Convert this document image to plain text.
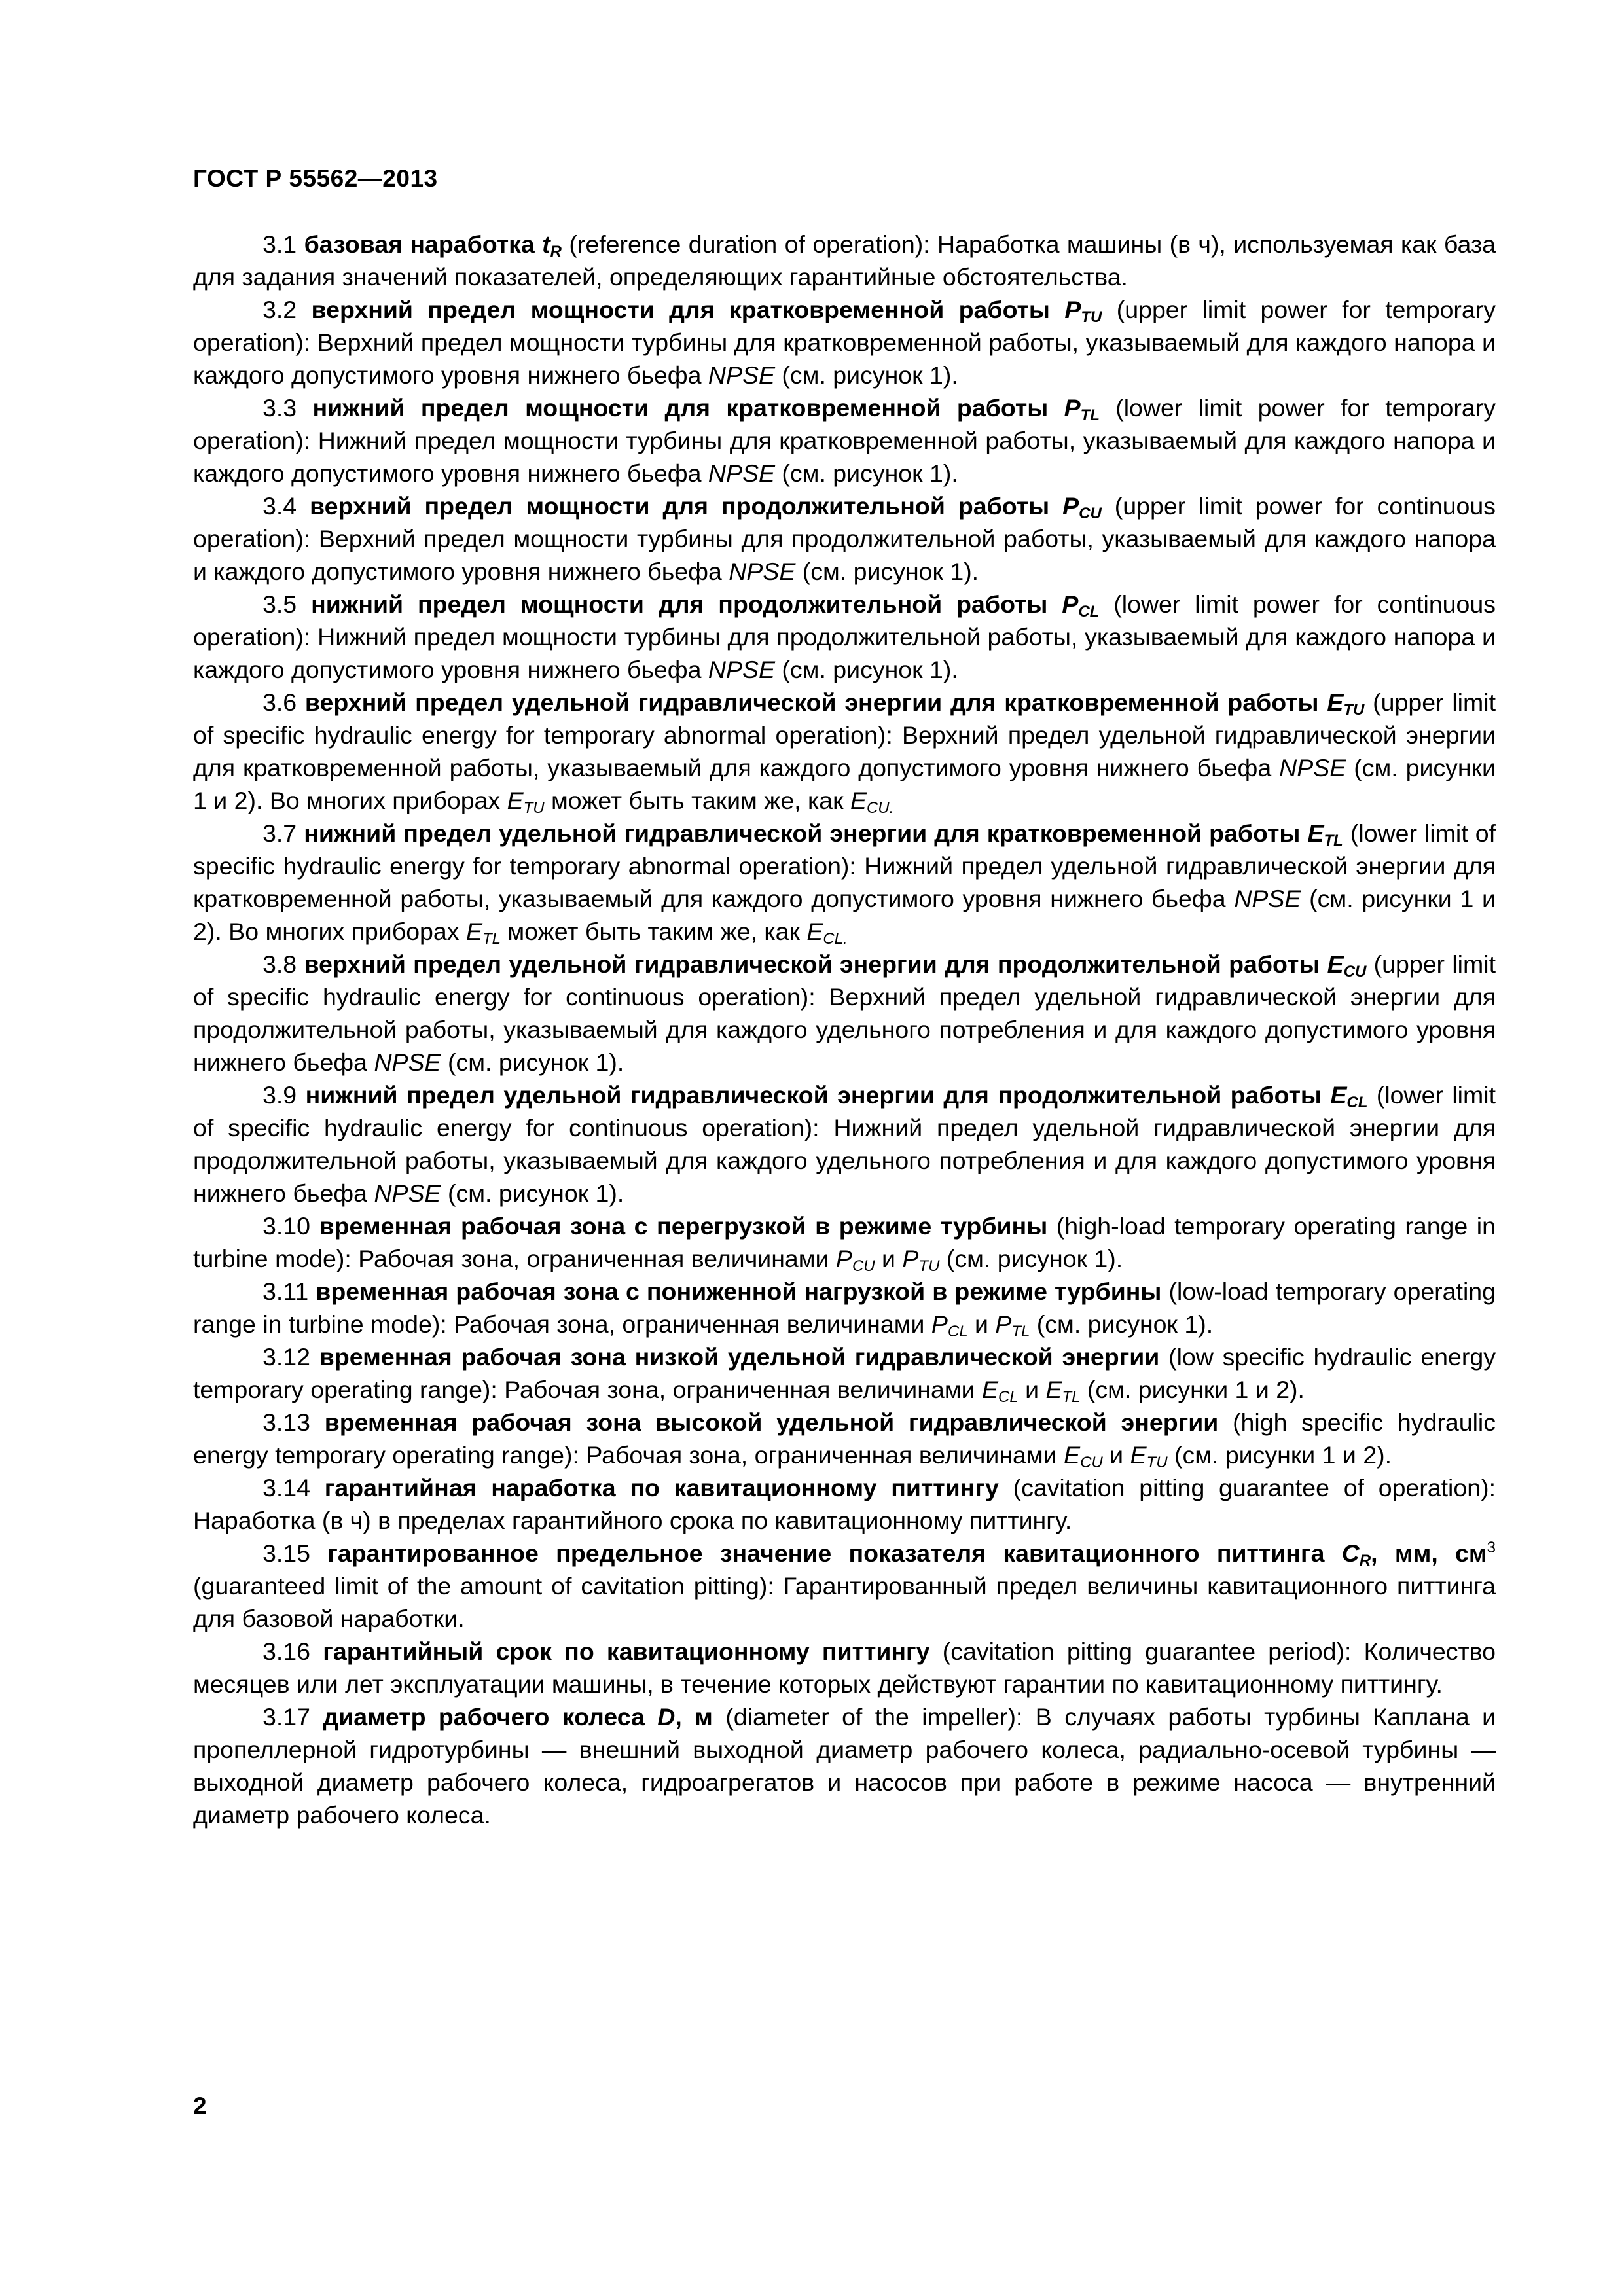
ГОСТ Р 55562—2013

3.1 базовая наработка $t_R$ (reference duration of operation): Наработка машины (в ч), используемая как база для задания значений показателей, определяющих гарантийные обстоятельства.

3.2 верхний предел мощности для кратковременной работы $P_{TU}$ (upper limit power for temporary operation): Верхний предел мощности турбины для кратковременной работы, указываемый для каждого напора и каждого допустимого уровня нижнего бьефа NPSE (см. рисунок 1).

3.3 нижний предел мощности для кратковременной работы $P_{TL}$ (lower limit power for temporary operation): Нижний предел мощности турбины для кратковременной работы, указываемый для каждого напора и каждого допустимого уровня нижнего бьефа NPSE (см. рисунок 1).

3.4 верхний предел мощности для продолжительной работы $P_{CU}$ (upper limit power for continuous operation): Верхний предел мощности турбины для продолжительной работы, указываемый для каждого напора и каждого допустимого уровня нижнего бьефа NPSE (см. рисунок 1).

3.5 нижний предел мощности для продолжительной работы $P_{CL}$ (lower limit power for continuous operation): Нижний предел мощности турбины для продолжительной работы, указываемый для каждого напора и каждого допустимого уровня нижнего бьефа NPSE (см. рисунок 1).

3.6 верхний предел удельной гидравлической энергии для кратковременной работы $E_{TU}$ (upper limit of specific hydraulic energy for temporary abnormal operation): Верхний предел удельной гидравлической энергии для кратковременной работы, указываемый для каждого допустимого уровня нижнего бьефа NPSE (см. рисунки 1 и 2). Во многих приборах $E_{TU}$ может быть таким же, как $E_{CU.}$

3.7 нижний предел удельной гидравлической энергии для кратковременной работы $E_{TL}$ (lower limit of specific hydraulic energy for temporary abnormal operation): Нижний предел удельной гидравлической энергии для кратковременной работы, указываемый для каждого допустимого уровня нижнего бьефа NPSE (см. рисунки 1 и 2). Во многих приборах $E_{TL}$ может быть таким же, как $E_{CL.}$

3.8 верхний предел удельной гидравлической энергии для продолжительной работы $E_{CU}$ (upper limit of specific hydraulic energy for continuous operation): Верхний предел удельной гидравлической энергии для продолжительной работы, указываемый для каждого удельного потребления и для каждого допустимого уровня нижнего бьефа NPSE (см. рисунок 1).

3.9 нижний предел удельной гидравлической энергии для продолжительной работы $E_{CL}$ (lower limit of specific hydraulic energy for continuous operation): Нижний предел удельной гидравлической энергии для продолжительной работы, указываемый для каждого удельного потребления и для каждого допустимого уровня нижнего бьефа NPSE (см. рисунок 1).

3.10 временная рабочая зона с перегрузкой в режиме турбины (high-load temporary operating range in turbine mode): Рабочая зона, ограниченная величинами $P_{CU}$ и $P_{TU}$ (см. рисунок 1).

3.11 временная рабочая зона с пониженной нагрузкой в режиме турбины (low-load temporary operating range in turbine mode): Рабочая зона, ограниченная величинами $P_{CL}$ и $P_{TL}$ (см. рисунок 1).

3.12 временная рабочая зона низкой удельной гидравлической энергии (low specific hydraulic energy temporary operating range): Рабочая зона, ограниченная величинами $E_{CL}$ и $E_{TL}$ (см. рисунки 1 и 2).

3.13 временная рабочая зона высокой удельной гидравлической энергии (high specific hydraulic energy temporary operating range): Рабочая зона, ограниченная величинами $E_{CU}$ и $E_{TU}$ (см. рисунки 1 и 2).

3.14 гарантийная наработка по кавитационному питтингу (cavitation pitting guarantee of operation): Наработка (в ч) в пределах гарантийного срока по кавитационному питтингу.

3.15 гарантированное предельное значение показателя кавитационного питтинга $C_R$, мм, $см^3$ (guaranteed limit of the amount of cavitation pitting): Гарантированный предел величины кавитационного питтинга для базовой наработки.

3.16 гарантийный срок по кавитационному питтингу (cavitation pitting guarantee period): Количество месяцев или лет эксплуатации машины, в течение которых действуют гарантии по кавитационному питтингу.

3.17 диаметр рабочего колеса D, м (diameter of the impeller): В случаях работы турбины Каплана и пропеллерной гидротурбины — внешний выходной диаметр рабочего колеса, радиально-осевой турбины — выходной диаметр рабочего колеса, гидроагрегатов и насосов при работе в режиме насоса — внутренний диаметр рабочего колеса.

2
